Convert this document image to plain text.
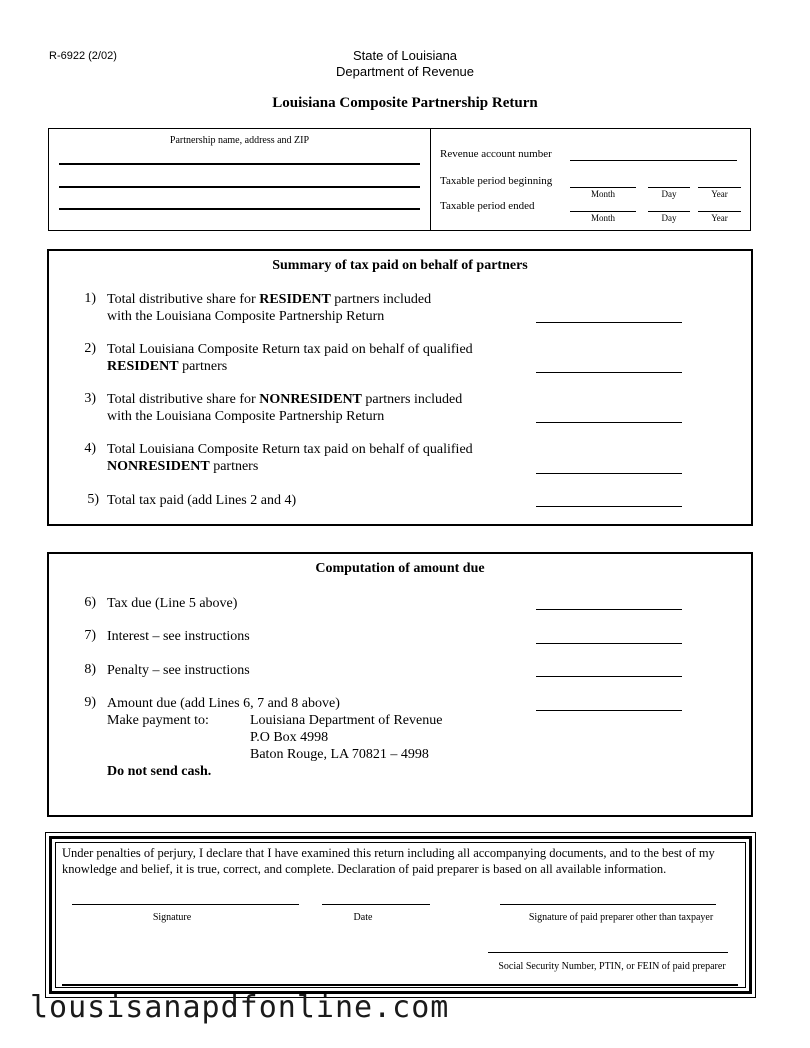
R-6922 (2/02)	State of Louisiana
Department of Revenue
Louisiana Composite Partnership Return
Partnership name, address and ZIP
Revenue account number
Taxable period beginning
Month	Day	Year
Taxable period ended
Month	Day	Year
Summary of tax paid on behalf of partners
1) Total distributive share for RESIDENT partners included
with the Louisiana Composite Partnership Return
2) Total Louisiana Composite Return tax paid on behalf of qualified
RESIDENT partners
3) Total distributive share for NONRESIDENT partners included
with the Louisiana Composite Partnership Return
4) Total Louisiana Composite Return tax paid on behalf of qualified
NONRESIDENT partners
5) Total tax paid (add Lines 2 and 4)
Computation of amount due
6) Tax due (Line 5 above)
7) Interest – see instructions
8) Penalty – see instructions
9) Amount due (add Lines 6, 7 and 8 above)
Make payment to:	Louisiana Department of Revenue
P.O Box 4998
Baton Rouge, LA 70821 – 4998
Do not send cash.
Under penalties of perjury, I declare that I have examined this return including all accompanying documents, and to the best of my knowledge and belief, it is true, correct, and complete. Declaration of paid preparer is based on all available information.
Signature	Date	Signature of paid preparer other than taxpayer
Social Security Number, PTIN, or FEIN of paid preparer
lousisanapdfonline.com
